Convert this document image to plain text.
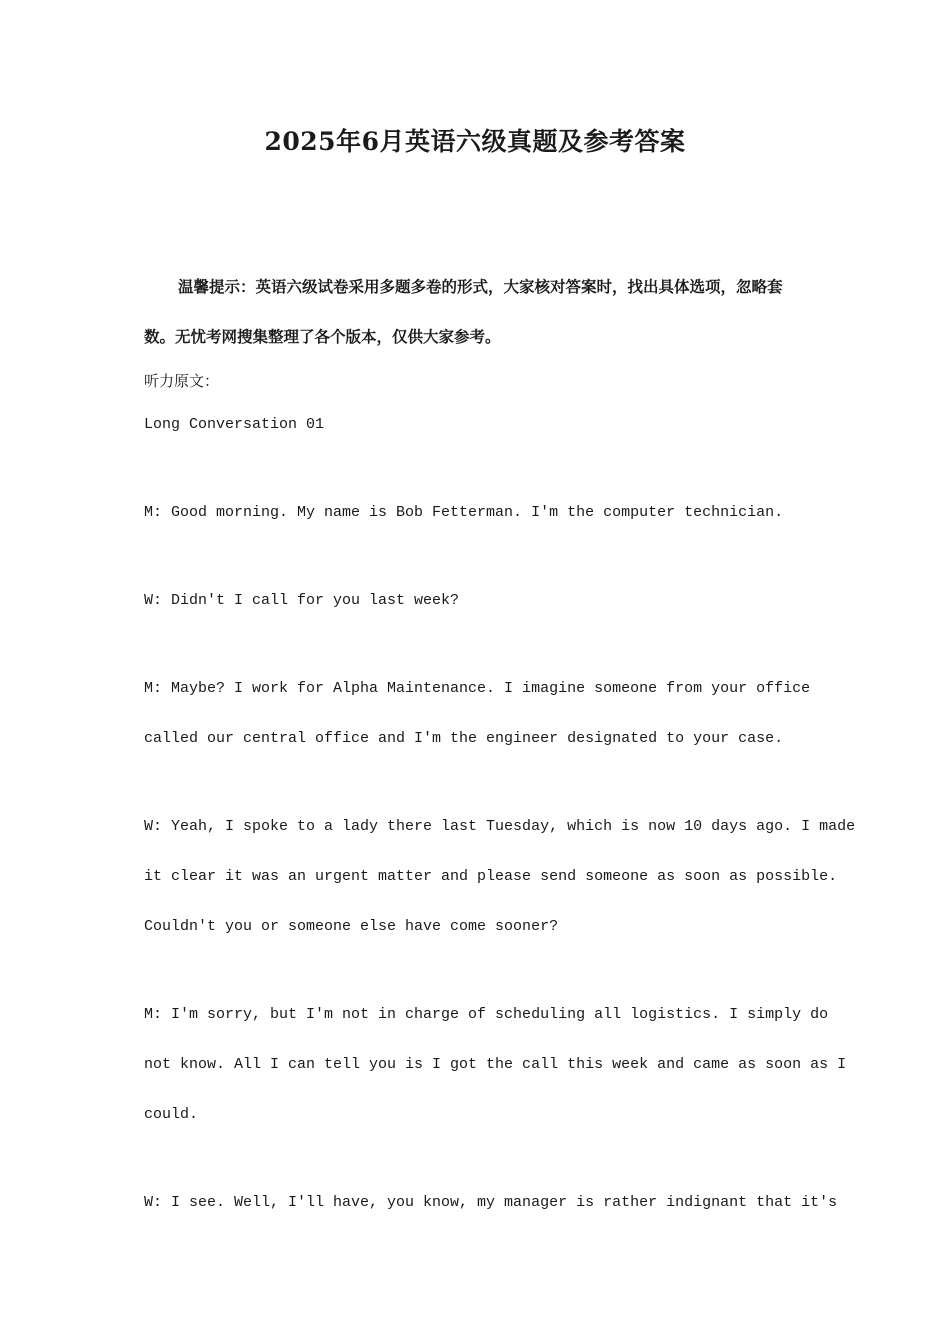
2025年6月英语六级真题及参考答案

温馨提示：英语六级试卷采用多题多卷的形式，大家核对答案时，找出具体选项，忽略套

数。无忧考网搜集整理了各个版本，仅供大家参考。

听力原文：

Long Conversation 01

M: Good morning. My name is Bob Fetterman. I'm the computer technician.

W: Didn't I call for you last week?

M: Maybe? I work for Alpha Maintenance. I imagine someone from your office

called our central office and I'm the engineer designated to your case.

W: Yeah, I spoke to a lady there last Tuesday, which is now 10 days ago. I made

it clear it was an urgent matter and please send someone as soon as possible.

Couldn't you or someone else have come sooner?

M: I'm sorry, but I'm not in charge of scheduling all logistics. I simply do

not know. All I can tell you is I got the call this week and came as soon as I

could.

W: I see. Well, I'll have, you know, my manager is rather indignant that it's
